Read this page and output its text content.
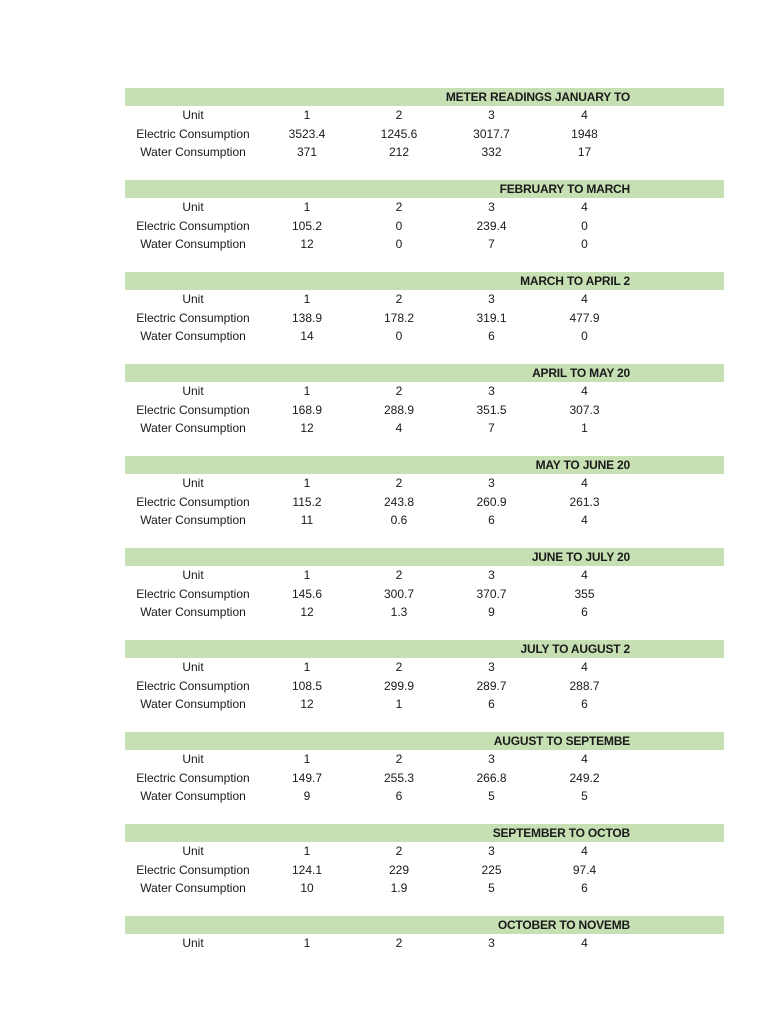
METER READINGS JANUARY TO
Unit	1	2	3	4
Electric Consumption	3523.4	1245.6	3017.7	1948
Water Consumption	371	212	332	17
FEBRUARY TO MARCH
Unit	1	2	3	4
Electric Consumption	105.2	0	239.4	0
Water Consumption	12	0	7	0
MARCH TO APRIL 2
Unit	1	2	3	4
Electric Consumption	138.9	178.2	319.1	477.9
Water Consumption	14	0	6	0
APRIL TO MAY 20
Unit	1	2	3	4
Electric Consumption	168.9	288.9	351.5	307.3
Water Consumption	12	4	7	1
MAY TO JUNE 20
Unit	1	2	3	4
Electric Consumption	115.2	243.8	260.9	261.3
Water Consumption	11	0.6	6	4
JUNE TO JULY 20
Unit	1	2	3	4
Electric Consumption	145.6	300.7	370.7	355
Water Consumption	12	1.3	9	6
JULY TO AUGUST 2
Unit	1	2	3	4
Electric Consumption	108.5	299.9	289.7	288.7
Water Consumption	12	1	6	6
AUGUST TO SEPTEMBE
Unit	1	2	3	4
Electric Consumption	149.7	255.3	266.8	249.2
Water Consumption	9	6	5	5
SEPTEMBER TO OCTOB
Unit	1	2	3	4
Electric Consumption	124.1	229	225	97.4
Water Consumption	10	1.9	5	6
OCTOBER TO NOVEMB
Unit	1	2	3	4
